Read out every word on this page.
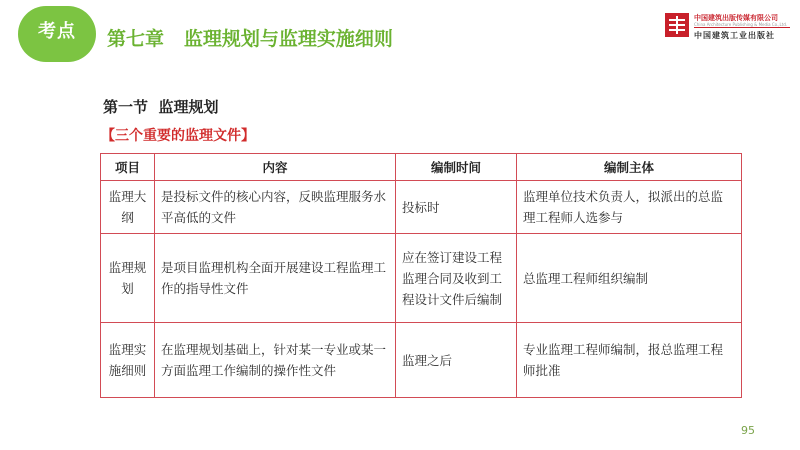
考点 第七章   监理规划与监理实施细则
中国建筑出版传媒有限公司
China Architecture Publishing & Media Co.,Ltd.
中国建筑工业出版社
第一节  监理规划
【三个重要的监理文件】
项目	内容	编制时间	编制主体
监理大纲	是投标文件的核心内容，反映监理服务水平高低的文件	投标时	监理单位技术负责人，拟派出的总监理工程师人选参与
监理规划	是项目监理机构全面开展建设工程监理工作的指导性文件	应在签订建设工程监理合同及收到工程设计文件后编制	总监理工程师组织编制
监理实施细则	在监理规划基础上，针对某一专业或某一方面监理工作编制的操作性文件	监理之后	专业监理工程师编制，报总监理工程师批准
95
